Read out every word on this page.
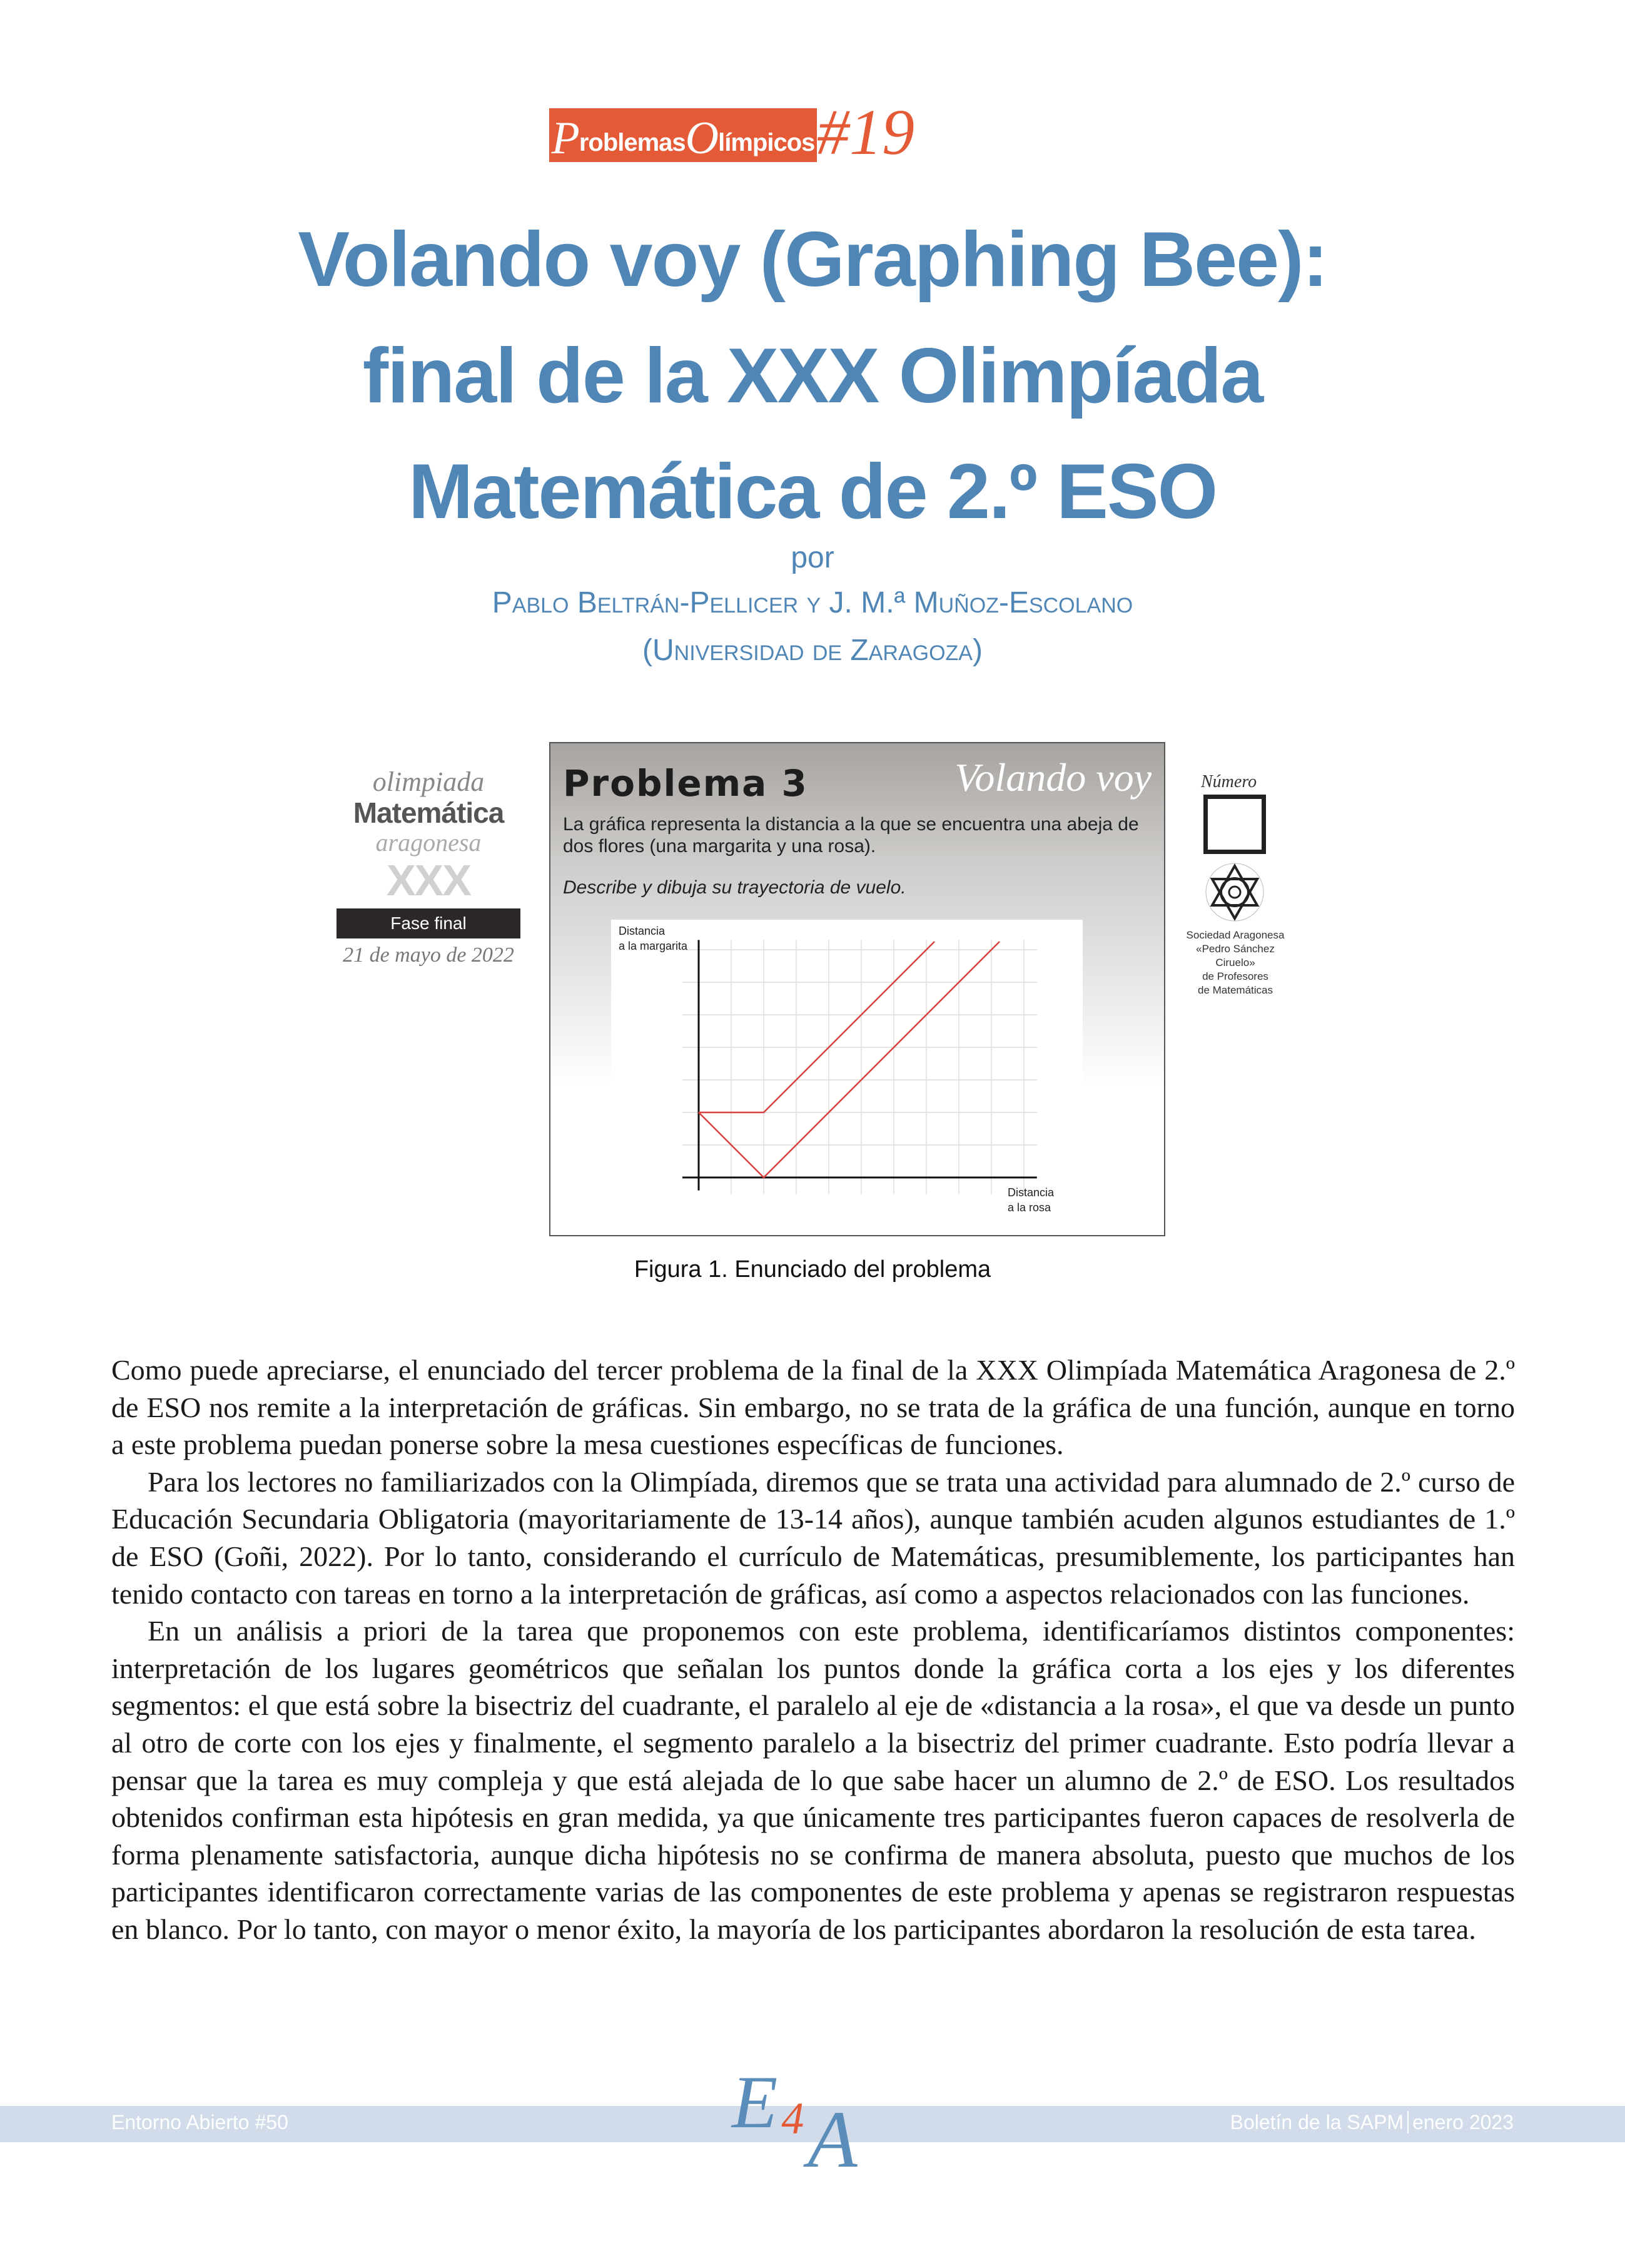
P roblemas O límpicos #19
Volando voy (Graphing Bee):
final de la XXX Olimpíada
Matemática de 2.º ESO
por
Pablo Beltrán-Pellicer y J. M.ª Muñoz-Escolano
(Universidad de Zaragoza)
olimpiada
Matemática
aragonesa
XXX
Fase final
21 de mayo de 2022
Problema 3	Volando voy
La gráfica representa la distancia a la que se encuentra una abeja de dos flores (una margarita y una rosa).
Describe y dibuja su trayectoria de vuelo.
Distancia
a la margarita
Distancia
a la rosa
Número
Sociedad Aragonesa
«Pedro Sánchez Ciruelo»
de Profesores
de Matemáticas
Figura 1. Enunciado del problema

Como puede apreciarse, el enunciado del tercer problema de la final de la XXX Olimpíada Matemática Aragonesa de 2.º de ESO nos remite a la interpretación de gráficas. Sin embargo, no se trata de la gráfica de una función, aunque en torno a este problema puedan ponerse sobre la mesa cuestiones específicas de funciones.

Para los lectores no familiarizados con la Olimpíada, diremos que se trata una actividad para alumnado de 2.º curso de Educación Secundaria Obligatoria (mayoritariamente de 13-14 años), aunque también acuden algunos estudiantes de 1.º de ESO (Goñi, 2022). Por lo tanto, considerando el currículo de Matemáticas, presumiblemente, los participantes han tenido contacto con tareas en torno a la interpretación de gráficas, así como a aspectos relacionados con las funciones.

En un análisis a priori de la tarea que proponemos con este problema, identificaríamos distintos componentes: interpretación de los lugares geométricos que señalan los puntos donde la gráfica corta a los ejes y los diferentes segmentos: el que está sobre la bisectriz del cuadrante, el paralelo al eje de «distancia a la rosa», el que va desde un punto al otro de corte con los ejes y finalmente, el segmento paralelo a la bisectriz del primer cuadrante. Esto podría llevar a pensar que la tarea es muy compleja y que está alejada de lo que sabe hacer un alumno de 2.º de ESO. Los resultados obtenidos confirman esta hipótesis en gran medida, ya que únicamente tres participantes fueron capaces de resolverla de forma plenamente satisfactoria, aunque dicha hipótesis no se confirma de manera absoluta, puesto que muchos de los participantes identificaron correctamente varias de las componentes de este problema y apenas se registraron respuestas en blanco. Por lo tanto, con mayor o menor éxito, la mayoría de los participantes abordaron la resolución de esta tarea.

Entorno Abierto #50	Boletín de la SAPM enero 2023
E 4 A
